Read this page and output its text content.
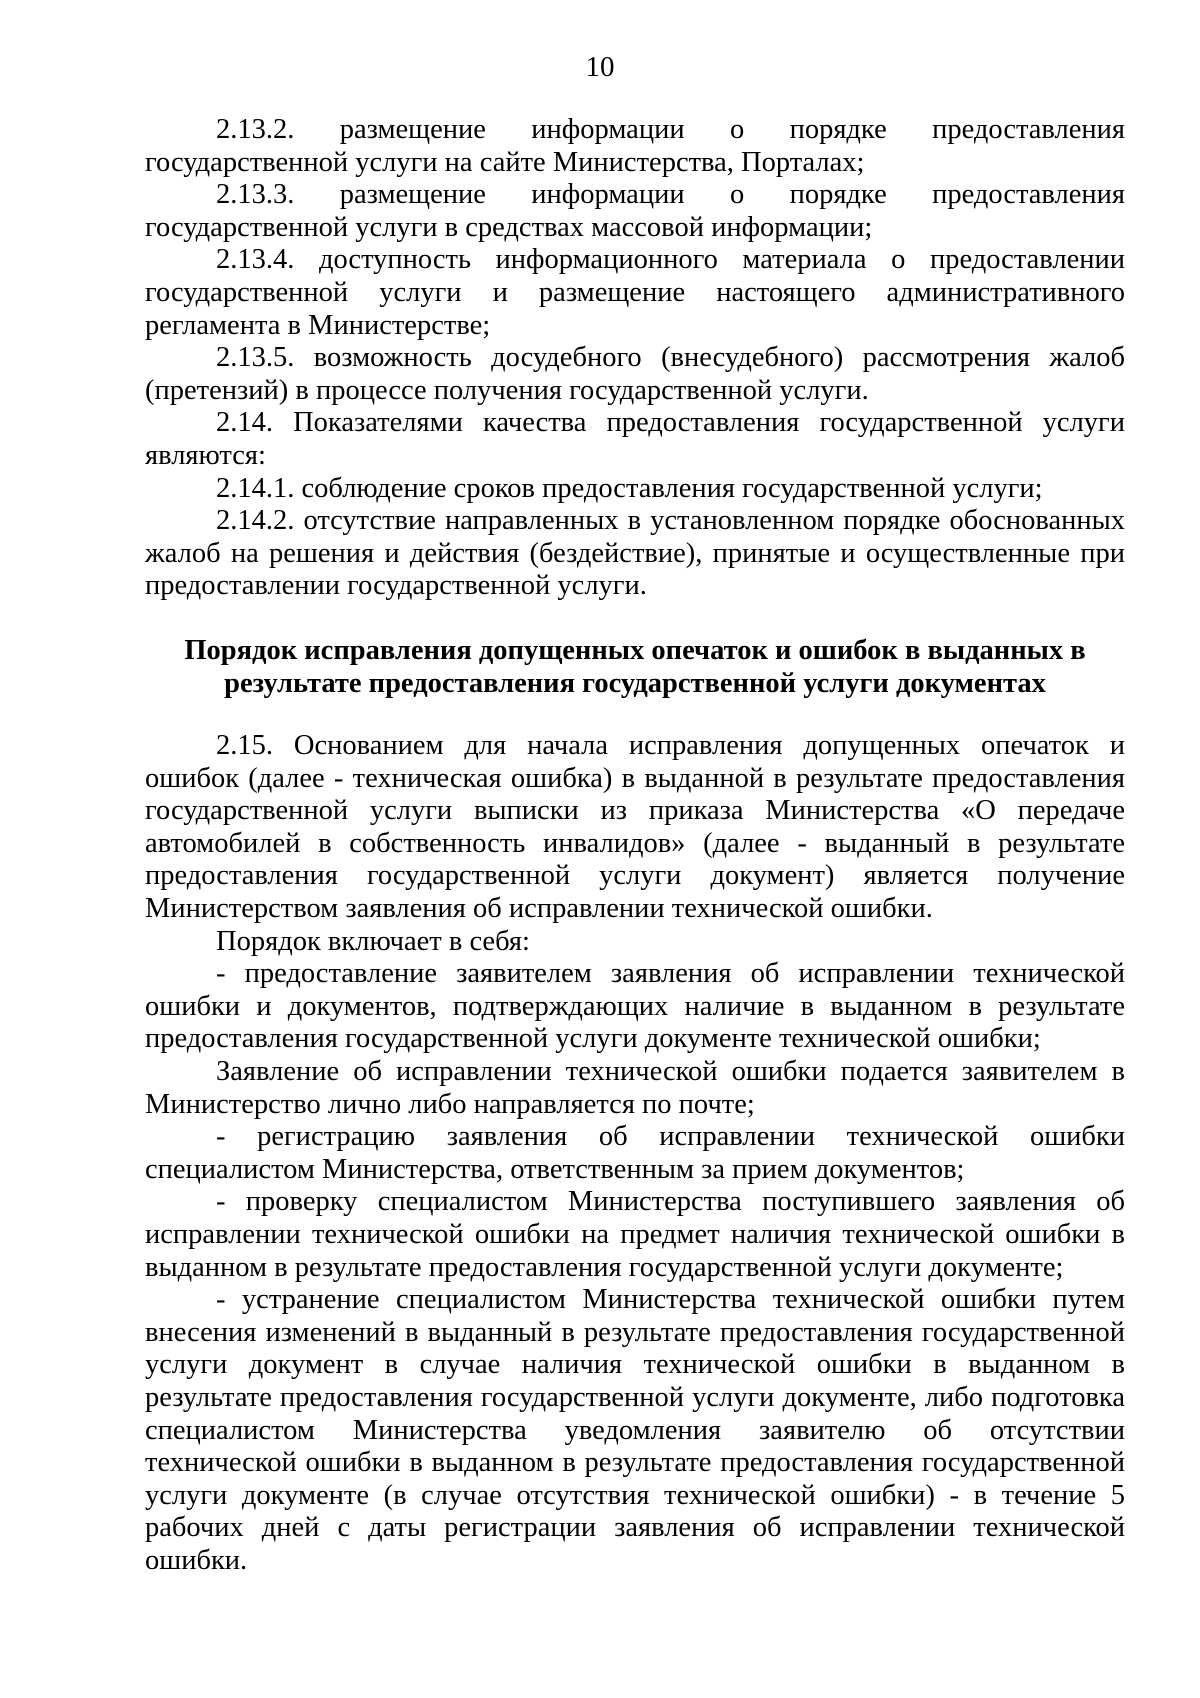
10

2.13.2. размещение информации о порядке предоставления государственной услуги на сайте Министерства, Порталах;

2.13.3. размещение информации о порядке предоставления государственной услуги в средствах массовой информации;

2.13.4. доступность информационного материала о предоставлении государственной услуги и размещение настоящего административного регламента в Министерстве;

2.13.5. возможность досудебного (внесудебного) рассмотрения жалоб (претензий) в процессе получения государственной услуги.

2.14. Показателями качества предоставления государственной услуги являются:

2.14.1. соблюдение сроков предоставления государственной услуги;

2.14.2. отсутствие направленных в установленном порядке обоснованных жалоб на решения и действия (бездействие), принятые и осуществленные при предоставлении государственной услуги.

Порядок исправления допущенных опечаток и ошибок в выданных в
результате предоставления государственной услуги документах

2.15. Основанием для начала исправления допущенных опечаток и ошибок (далее - техническая ошибка) в выданной в результате предоставления государственной услуги выписки из приказа Министерства «О передаче автомобилей в собственность инвалидов» (далее - выданный в результате предоставления государственной услуги документ) является получение Министерством заявления об исправлении технической ошибки.

Порядок включает в себя:

- предоставление заявителем заявления об исправлении технической ошибки и документов, подтверждающих наличие в выданном в результате предоставления государственной услуги документе технической ошибки;

Заявление об исправлении технической ошибки подается заявителем в Министерство лично либо направляется по почте;

- регистрацию заявления об исправлении технической ошибки специалистом Министерства, ответственным за прием документов;

- проверку специалистом Министерства поступившего заявления об исправлении технической ошибки на предмет наличия технической ошибки в выданном в результате предоставления государственной услуги документе;

- устранение специалистом Министерства технической ошибки путем внесения изменений в выданный в результате предоставления государственной услуги документ в случае наличия технической ошибки в выданном в результате предоставления государственной услуги документе, либо подготовка специалистом Министерства уведомления заявителю об отсутствии технической ошибки в выданном в результате предоставления государственной услуги документе (в случае отсутствия технической ошибки) - в течение 5 рабочих дней с даты регистрации заявления об исправлении технической ошибки.
